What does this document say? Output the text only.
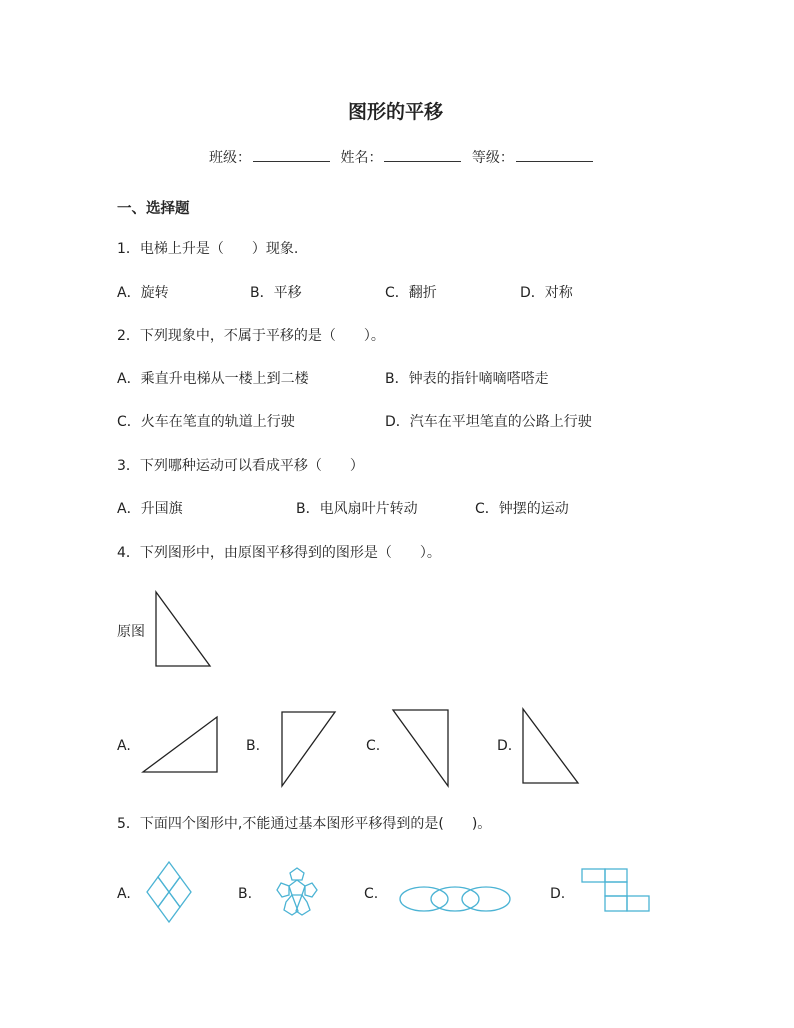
图形的平移
班级：	姓名：	等级：
一、选择题
1．电梯上升是（　　）现象.
A．旋转	B．平移	C．翻折	D．对称
2．下列现象中，不属于平移的是（　　）。
A．乘直升电梯从一楼上到二楼	B．钟表的指针嘀嘀嗒嗒走
C．火车在笔直的轨道上行驶	D．汽车在平坦笔直的公路上行驶
3．下列哪种运动可以看成平移（　　）
A．升国旗	B．电风扇叶片转动	C．钟摆的运动
4．下列图形中，由原图平移得到的图形是（　　）。
原图
A.	B.	C.	D.
5．下面四个图形中,不能通过基本图形平移得到的是(　　)。
A.	B.	C.	D.
